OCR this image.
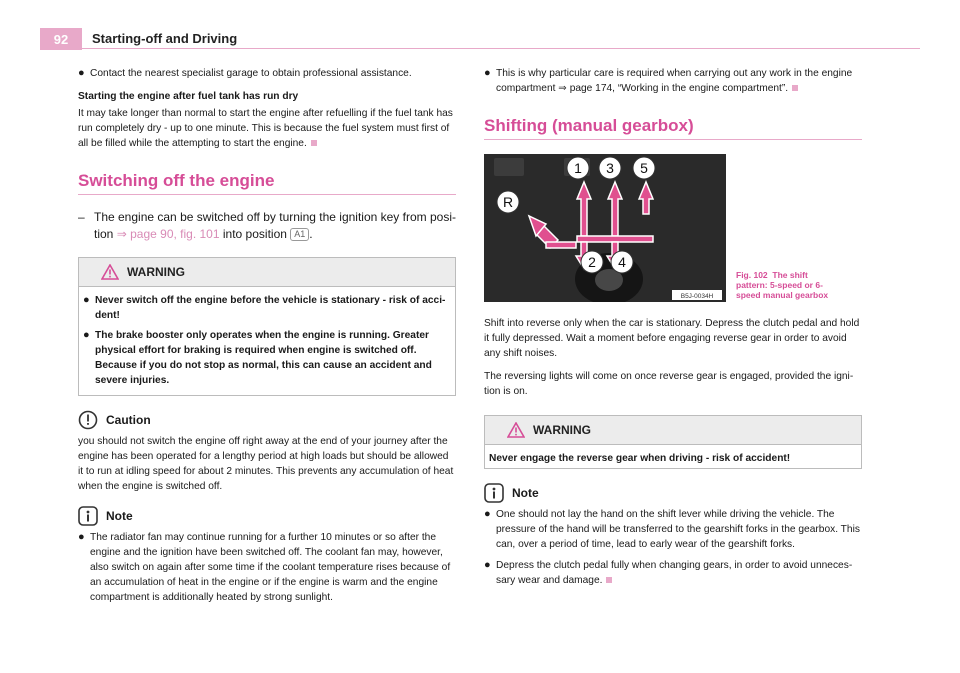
92	Starting-off and Driving
● Contact the nearest specialist garage to obtain professional assistance.

Starting the engine after fuel tank has run dry

It may take longer than normal to start the engine after refuelling if the fuel tank has run completely dry - up to one minute. This is because the fuel system must first of all be filled while the attempting to start the engine.

Switching off the engine
– The engine can be switched off by turning the ignition key from posi-tion ⇒ page 90, fig. 101 into position A1 .
WARNING
● Never switch off the engine before the vehicle is stationary - risk of acci-dent!
● The brake booster only operates when the engine is running. Greater physical effort for braking is required when engine is switched off. Because if you do not stop as normal, this can cause an accident and severe injuries.
Caution

you should not switch the engine off right away at the end of your journey after the engine has been operated for a lengthy period at high loads but should be allowed it to run at idling speed for about 2 minutes. This prevents any accumulation of heat when the engine is switched off.

Note
● The radiator fan may continue running for a further 10 minutes or so after the engine and the ignition have been switched off. The coolant fan may, however, also switch on again after some time if the coolant temperature rises because of an accumulation of heat in the engine or if the engine is warm and the engine compartment is additionally heated by strong sunlight.
● This is why particular care is required when carrying out any work in the engine compartment ⇒ page 174, “Working in the engine compartment”.
Shifting (manual gearbox)
1 3 5
R
2 4
B5J-0034H
Fig. 102 The shift pattern: 5-speed or 6-speed manual gearbox

Shift into reverse only when the car is stationary. Depress the clutch pedal and hold it fully depressed. Wait a moment before engaging reverse gear in order to avoid any shift noises.

The reversing lights will come on once reverse gear is engaged, provided the igni-tion is on.

WARNING
Never engage the reverse gear when driving - risk of accident!
Note
● One should not lay the hand on the shift lever while driving the vehicle. The pressure of the hand will be transferred to the gearshift forks in the gearbox. This can, over a period of time, lead to early wear of the gearshift forks.
● Depress the clutch pedal fully when changing gears, in order to avoid unneces-sary wear and damage.
